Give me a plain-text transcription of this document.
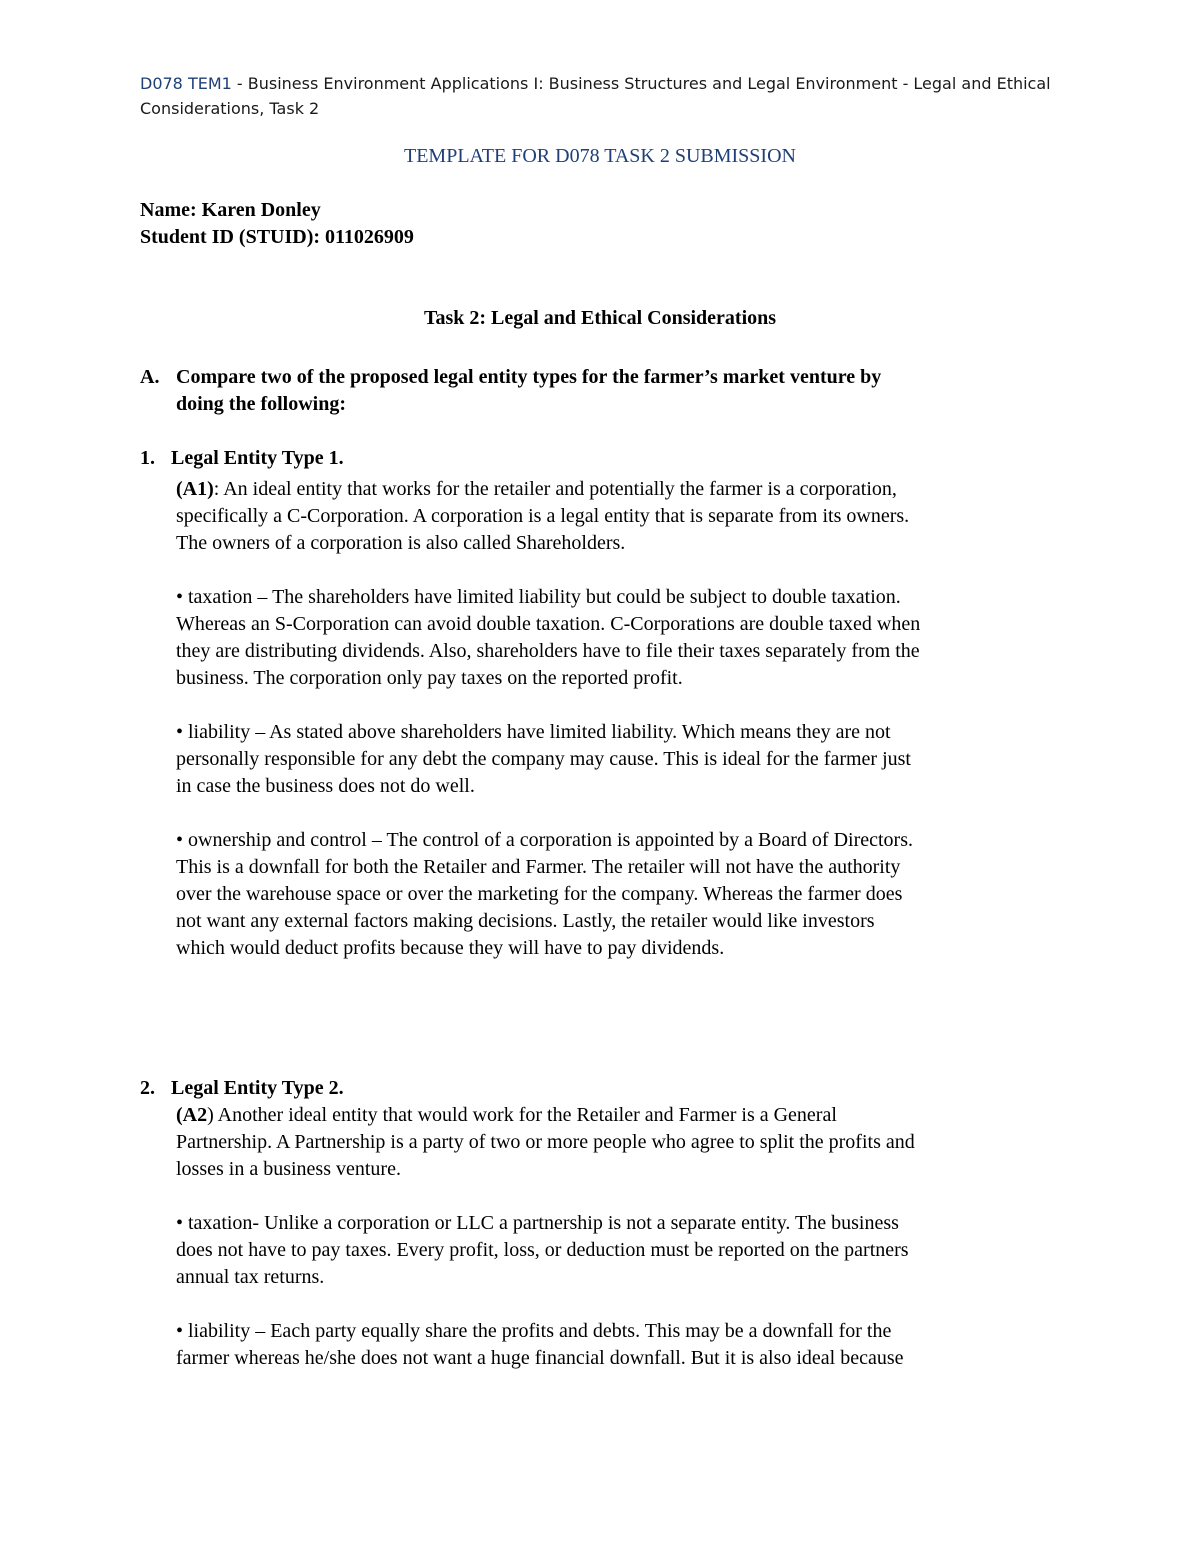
D078 TEM1 - Business Environment Applications I: Business Structures and Legal Environment - Legal and Ethical
Considerations, Task 2
TEMPLATE FOR D078 TASK 2 SUBMISSION
Name: Karen Donley
Student ID (STUID): 011026909
Task 2: Legal and Ethical Considerations
A. Compare two of the proposed legal entity types for the farmer’s market venture by
doing the following:
1. Legal Entity Type 1.
(A1): An ideal entity that works for the retailer and potentially the farmer is a corporation,
specifically a C-Corporation. A corporation is a legal entity that is separate from its owners.
The owners of a corporation is also called Shareholders.
• taxation – The shareholders have limited liability but could be subject to double taxation.
Whereas an S-Corporation can avoid double taxation. C-Corporations are double taxed when
they are distributing dividends. Also, shareholders have to file their taxes separately from the
business. The corporation only pay taxes on the reported profit.
• liability – As stated above shareholders have limited liability. Which means they are not
personally responsible for any debt the company may cause. This is ideal for the farmer just
in case the business does not do well.
• ownership and control – The control of a corporation is appointed by a Board of Directors.
This is a downfall for both the Retailer and Farmer. The retailer will not have the authority
over the warehouse space or over the marketing for the company. Whereas the farmer does
not want any external factors making decisions. Lastly, the retailer would like investors
which would deduct profits because they will have to pay dividends.
2. Legal Entity Type 2.
(A2) Another ideal entity that would work for the Retailer and Farmer is a General
Partnership. A Partnership is a party of two or more people who agree to split the profits and
losses in a business venture.
• taxation- Unlike a corporation or LLC a partnership is not a separate entity. The business
does not have to pay taxes. Every profit, loss, or deduction must be reported on the partners
annual tax returns.
• liability – Each party equally share the profits and debts. This may be a downfall for the
farmer whereas he/she does not want a huge financial downfall. But it is also ideal because
